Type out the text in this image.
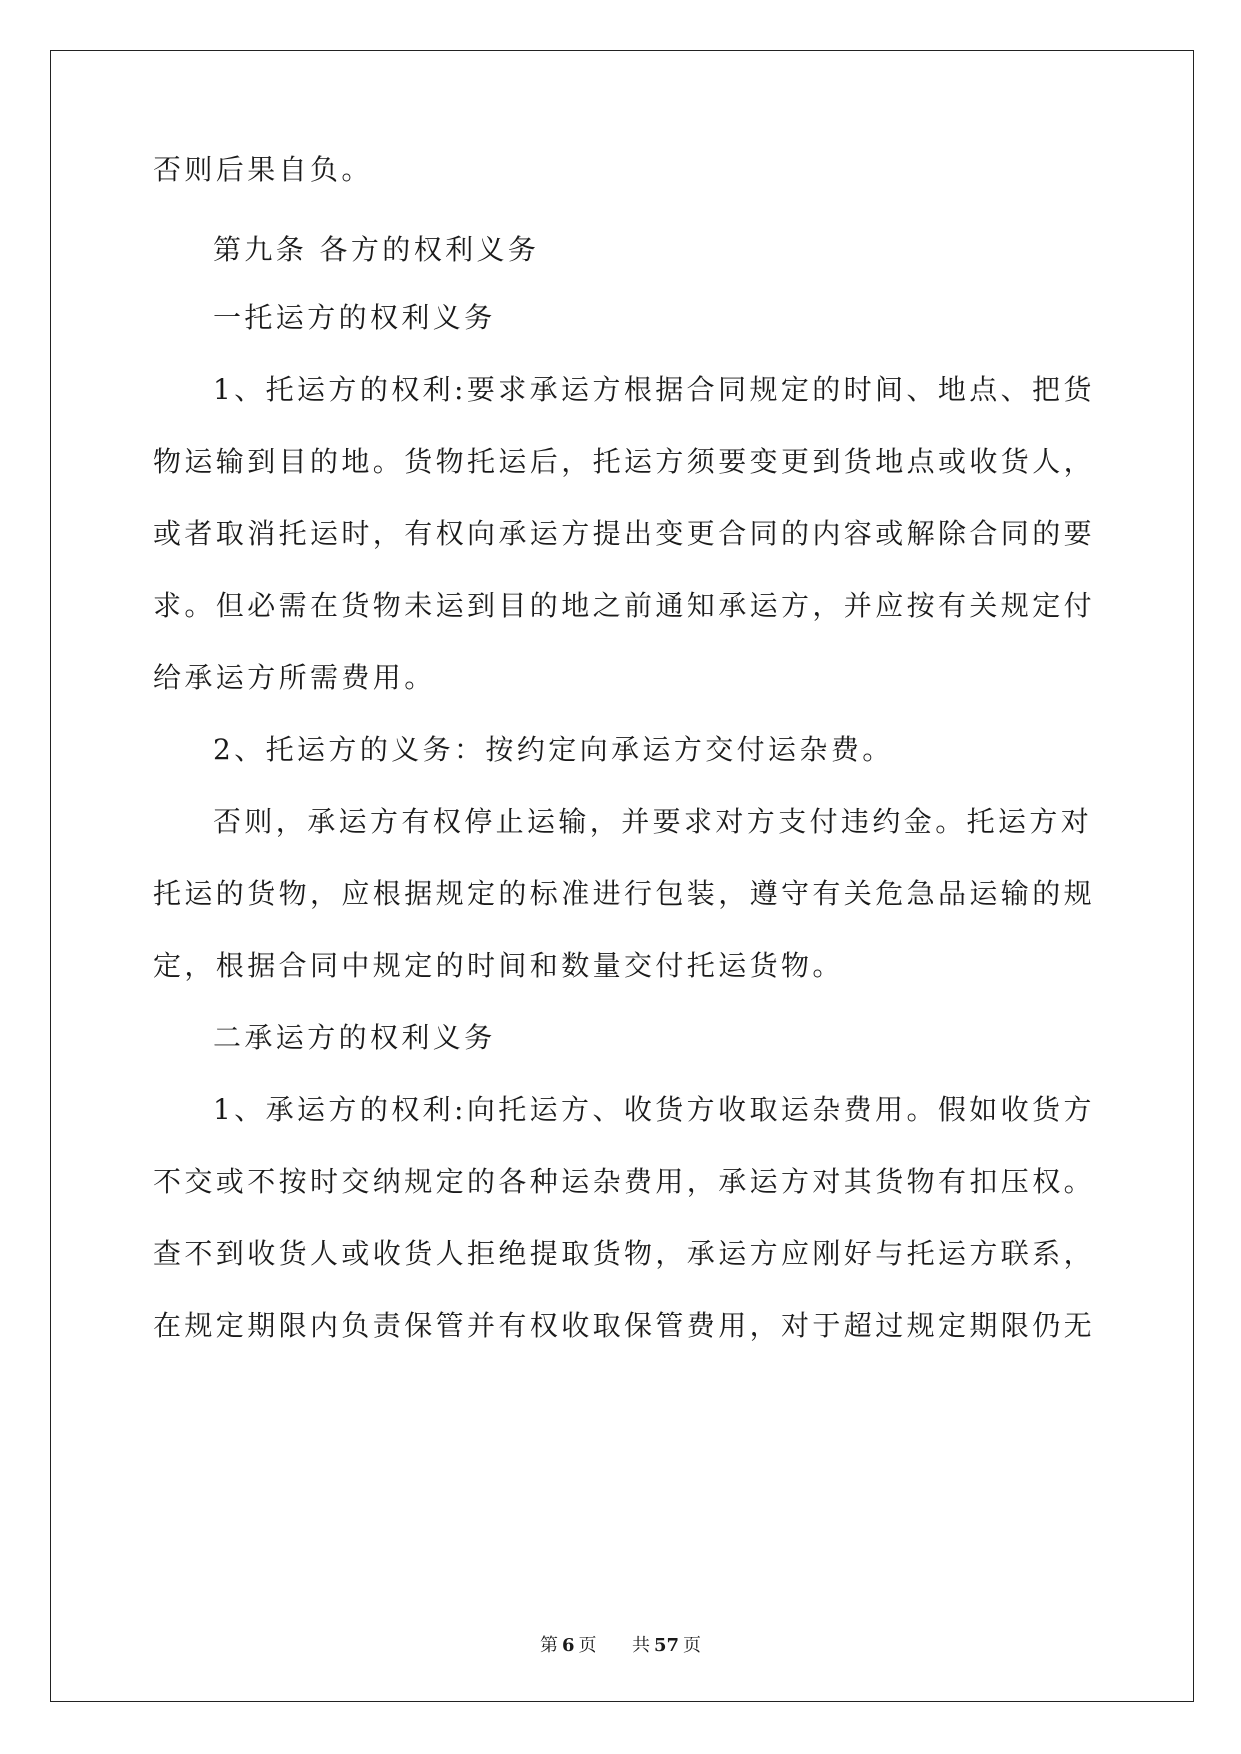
否则后果自负。
第九条 各方的权利义务
一托运方的权利义务
1、托运方的权利:要求承运方根据合同规定的时间、地点、把货
物运输到目的地。货物托运后，托运方须要变更到货地点或收货人，
或者取消托运时，有权向承运方提出变更合同的内容或解除合同的要
求。但必需在货物未运到目的地之前通知承运方，并应按有关规定付
给承运方所需费用。
2、托运方的义务：按约定向承运方交付运杂费。
否则，承运方有权停止运输，并要求对方支付违约金。托运方对
托运的货物，应根据规定的标准进行包装，遵守有关危急品运输的规
定，根据合同中规定的时间和数量交付托运货物。
二承运方的权利义务
1、承运方的权利:向托运方、收货方收取运杂费用。假如收货方
不交或不按时交纳规定的各种运杂费用，承运方对其货物有扣压权。
查不到收货人或收货人拒绝提取货物，承运方应刚好与托运方联系，
在规定期限内负责保管并有权收取保管费用，对于超过规定期限仍无
第 6 页 共 57 页
